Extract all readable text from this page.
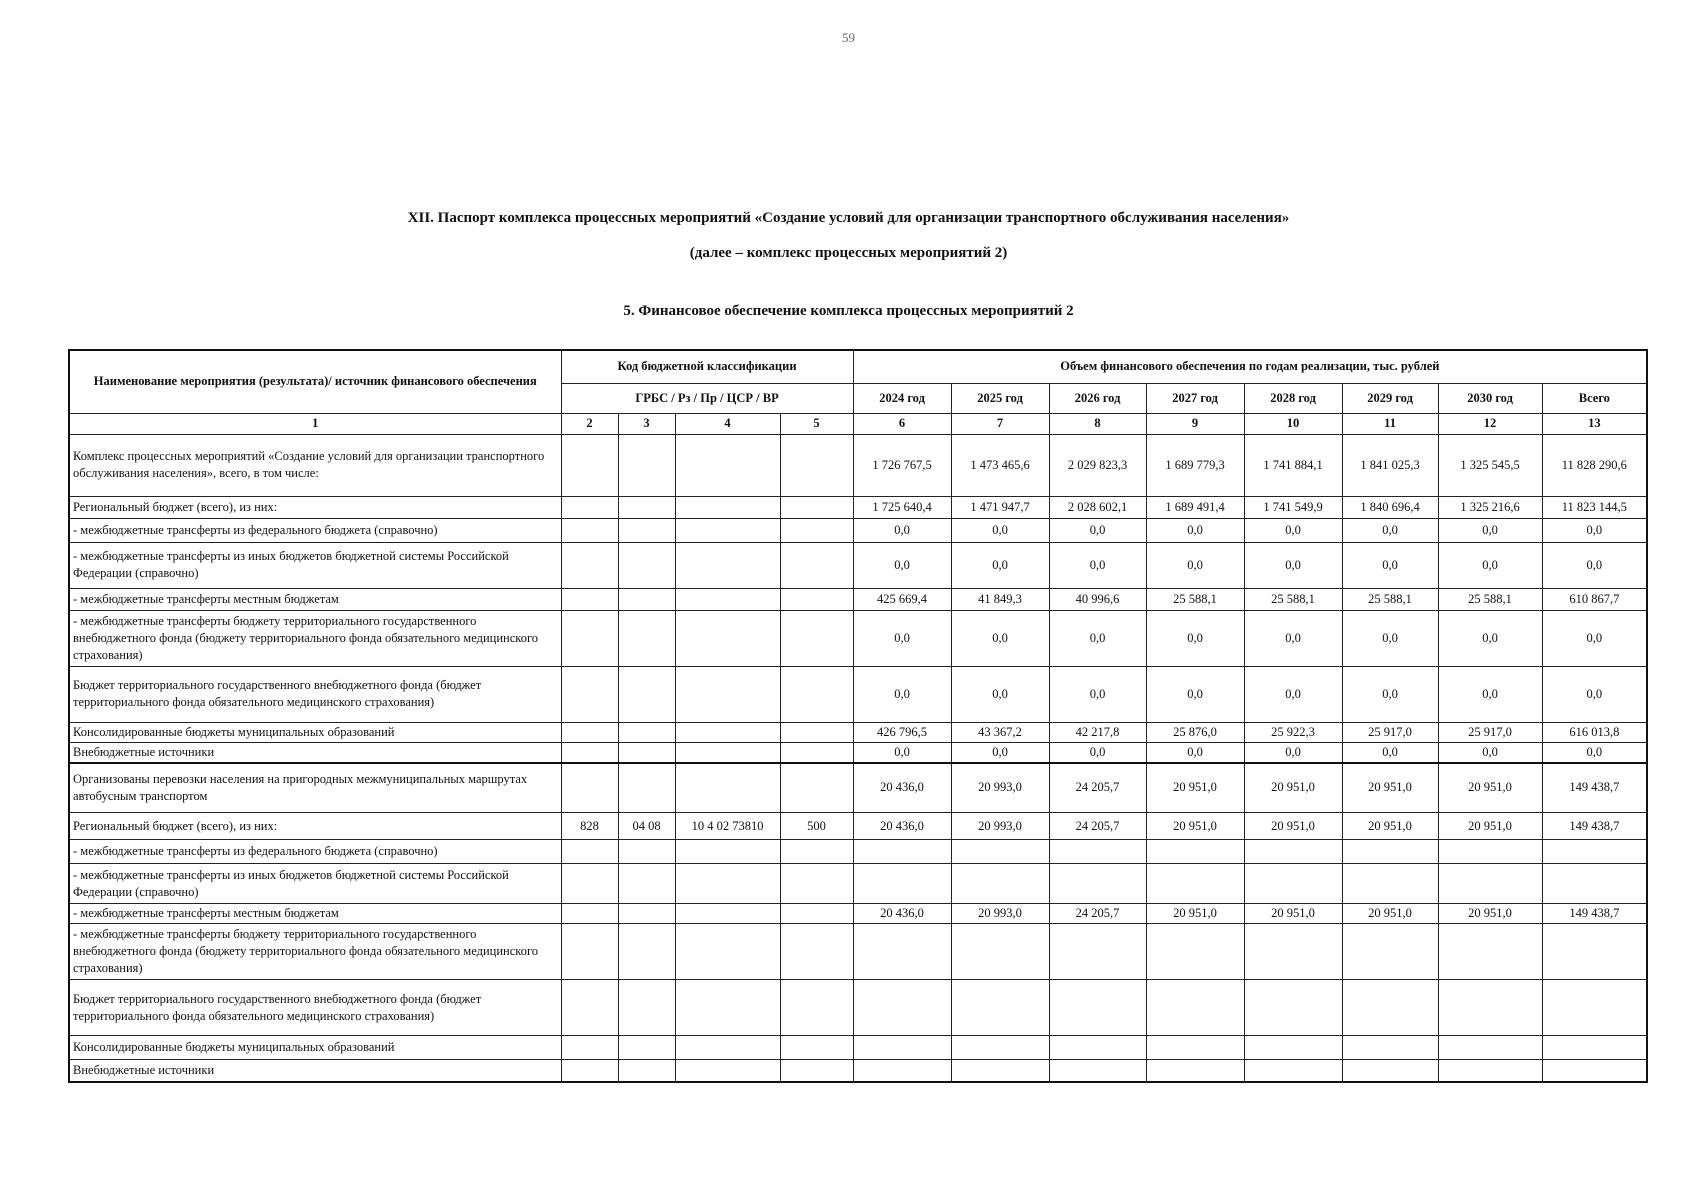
59
XII. Паспорт комплекса процессных мероприятий «Создание условий для организации транспортного обслуживания населения»
(далее – комплекс процессных мероприятий 2)
5. Финансовое обеспечение комплекса процессных мероприятий 2
Наименование мероприятия (результата)/ источник финансового обеспечения	Код бюджетной классификации				Объем финансового обеспечения по годам реализации, тыс. рублей							
	ГРБС / Рз / Пр / ЦСР / ВР				2024 год	2025 год	2026 год	2027 год	2028 год	2029 год	2030 год	Всего
1	2	3	4	5	6	7	8	9	10	11	12	13
Комплекс процессных мероприятий «Создание условий для организации транспортного обслуживания населения», всего, в том числе:					1 726 767,5	1 473 465,6	2 029 823,3	1 689 779,3	1 741 884,1	1 841 025,3	1 325 545,5	11 828 290,6
Региональный бюджет (всего), из них:					1 725 640,4	1 471 947,7	2 028 602,1	1 689 491,4	1 741 549,9	1 840 696,4	1 325 216,6	11 823 144,5
- межбюджетные трансферты из федерального бюджета (справочно)					0,0	0,0	0,0	0,0	0,0	0,0	0,0	0,0
- межбюджетные трансферты из иных бюджетов бюджетной системы Российской Федерации (справочно)					0,0	0,0	0,0	0,0	0,0	0,0	0,0	0,0
- межбюджетные трансферты местным бюджетам					425 669,4	41 849,3	40 996,6	25 588,1	25 588,1	25 588,1	25 588,1	610 867,7
- межбюджетные трансферты бюджету территориального государственного внебюджетного фонда (бюджету территориального фонда обязательного медицинского страхования)					0,0	0,0	0,0	0,0	0,0	0,0	0,0	0,0
Бюджет территориального государственного внебюджетного фонда (бюджет территориального фонда обязательного медицинского страхования)					0,0	0,0	0,0	0,0	0,0	0,0	0,0	0,0
Консолидированные бюджеты муниципальных образований					426 796,5	43 367,2	42 217,8	25 876,0	25 922,3	25 917,0	25 917,0	616 013,8
Внебюджетные источники					0,0	0,0	0,0	0,0	0,0	0,0	0,0	0,0
Организованы перевозки населения на пригородных межмуниципальных маршрутах автобусным транспортом					20 436,0	20 993,0	24 205,7	20 951,0	20 951,0	20 951,0	20 951,0	149 438,7
Региональный бюджет (всего), из них:	828	04 08	10 4 02 73810	500	20 436,0	20 993,0	24 205,7	20 951,0	20 951,0	20 951,0	20 951,0	149 438,7
- межбюджетные трансферты из федерального бюджета (справочно)												
- межбюджетные трансферты из иных бюджетов бюджетной системы Российской Федерации (справочно)												
- межбюджетные трансферты местным бюджетам					20 436,0	20 993,0	24 205,7	20 951,0	20 951,0	20 951,0	20 951,0	149 438,7
- межбюджетные трансферты бюджету территориального государственного внебюджетного фонда (бюджету территориального фонда обязательного медицинского страхования)												
Бюджет территориального государственного внебюджетного фонда (бюджет территориального фонда обязательного медицинского страхования)												
Консолидированные бюджеты муниципальных образований												
Внебюджетные источники												
